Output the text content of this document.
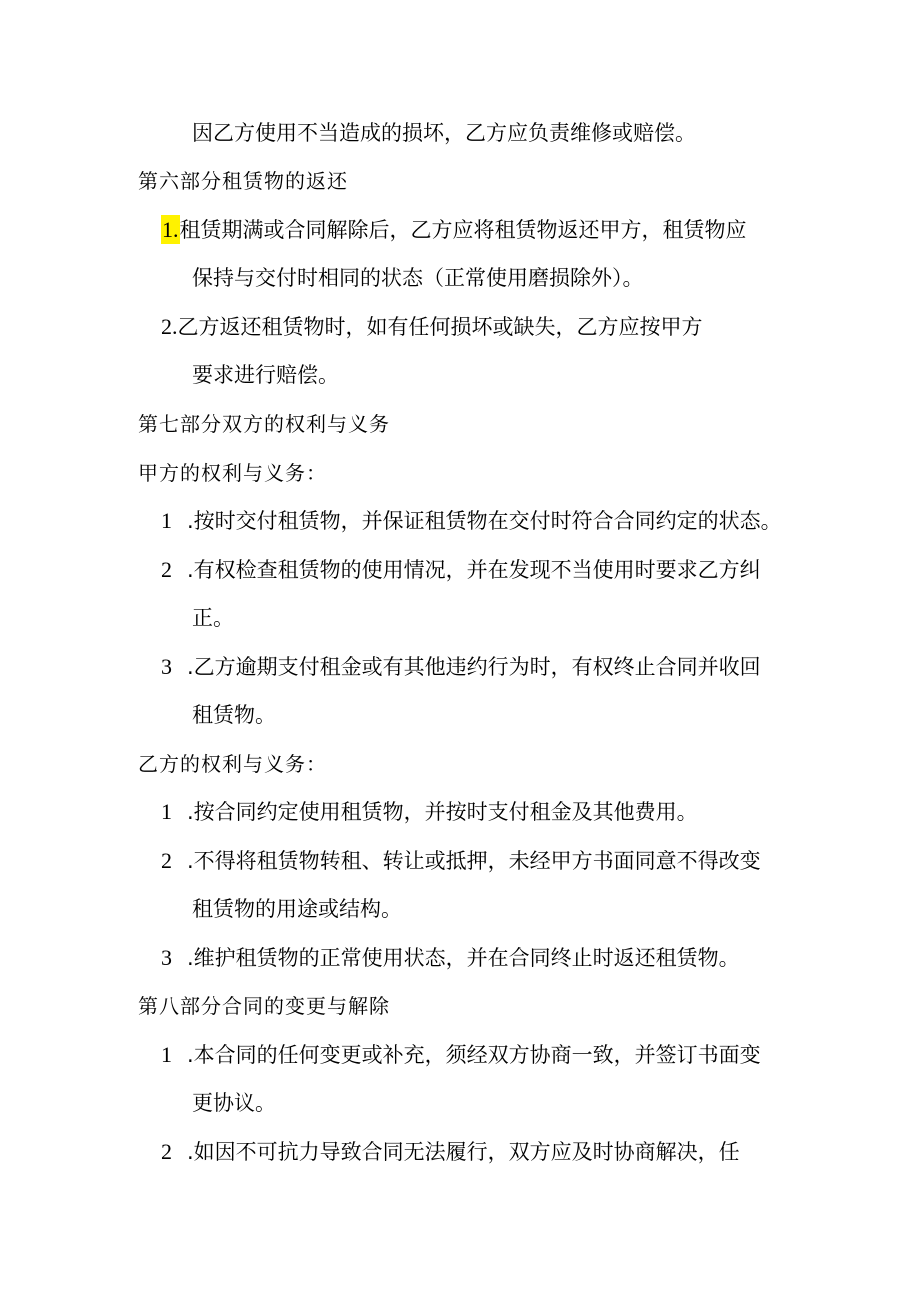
因乙方使用不当造成的损坏，乙方应负责维修或赔偿。
第六部分租赁物的返还
1.租赁期满或合同解除后，乙方应将租赁物返还甲方，租赁物应
保持与交付时相同的状态（正常使用磨损除外）。
2.乙方返还租赁物时，如有任何损坏或缺失，乙方应按甲方
要求进行赔偿。
第七部分双方的权利与义务
甲方的权利与义务：
1 .按时交付租赁物，并保证租赁物在交付时符合合同约定的状态。
2 .有权检查租赁物的使用情况，并在发现不当使用时要求乙方纠
正。
3 .乙方逾期支付租金或有其他违约行为时，有权终止合同并收回
租赁物。
乙方的权利与义务：
1 .按合同约定使用租赁物，并按时支付租金及其他费用。
2 .不得将租赁物转租、转让或抵押，未经甲方书面同意不得改变
租赁物的用途或结构。
3 .维护租赁物的正常使用状态，并在合同终止时返还租赁物。
第八部分合同的变更与解除
1 .本合同的任何变更或补充，须经双方协商一致，并签订书面变
更协议。
2 .如因不可抗力导致合同无法履行，双方应及时协商解决，任
